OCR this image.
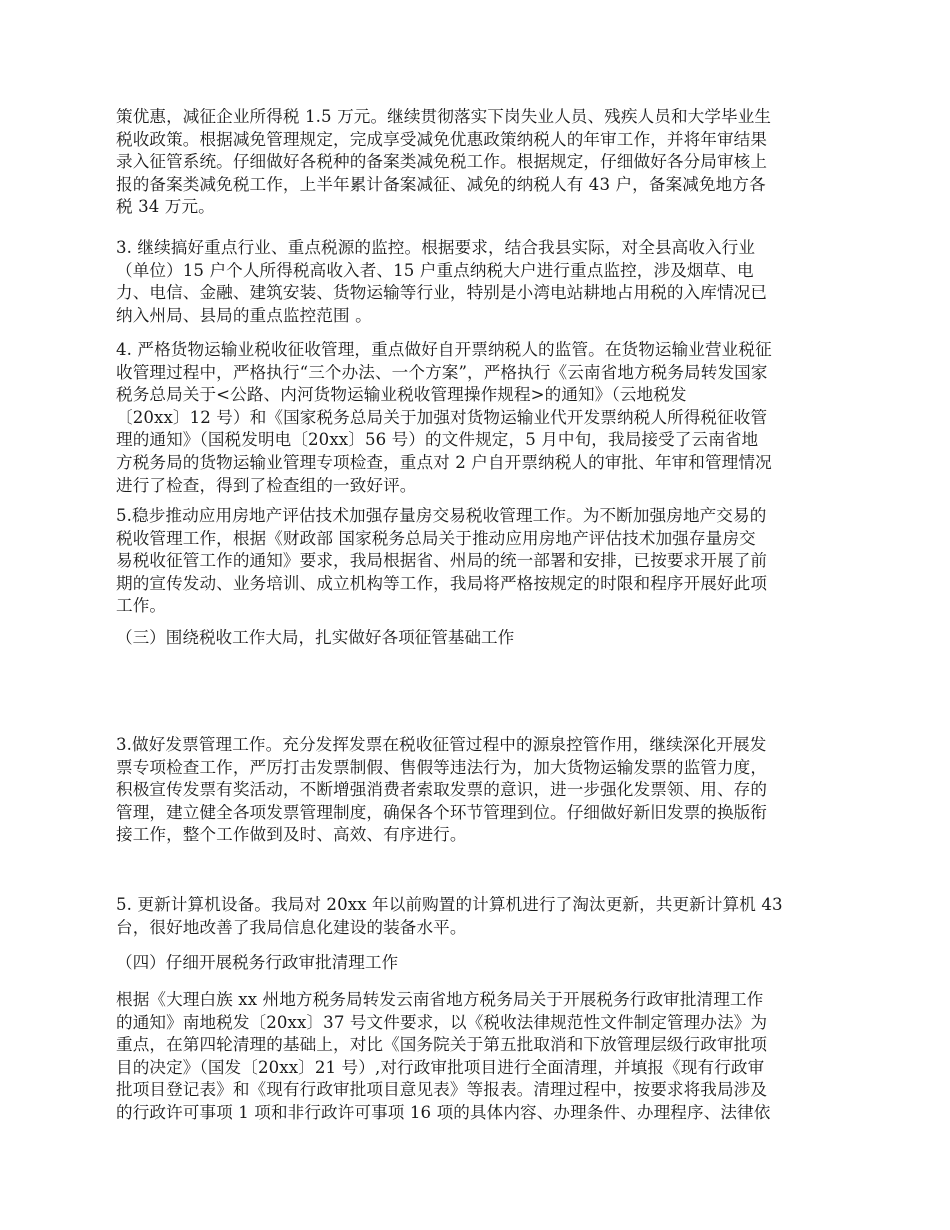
策优惠，减征企业所得税 1.5 万元。继续贯彻落实下岗失业人员、残疾人员和大学毕业生
税收政策。根据减免管理规定，完成享受减免优惠政策纳税人的年审工作，并将年审结果
录入征管系统。仔细做好各税种的备案类减免税工作。根据规定，仔细做好各分局审核上
报的备案类减免税工作，上半年累计备案减征、减免的纳税人有 43 户，备案减免地方各
税 34 万元。

3. 继续搞好重点行业、重点税源的监控。根据要求，结合我县实际，对全县高收入行业
（单位）15 户个人所得税高收入者、15 户重点纳税大户进行重点监控，涉及烟草、电
力、电信、金融、建筑安装、货物运输等行业，特别是小湾电站耕地占用税的入库情况已
纳入州局、县局的重点监控范围 。

4. 严格货物运输业税收征收管理，重点做好自开票纳税人的监管。在货物运输业营业税征
收管理过程中，严格执行“三个办法、一个方案”，严格执行《云南省地方税务局转发国家
税务总局关于<公路、内河货物运输业税收管理操作规程>的通知》（云地税发
〔20xx〕12 号）和《国家税务总局关于加强对货物运输业代开发票纳税人所得税征收管
理的通知》（国税发明电〔20xx〕56 号）的文件规定，5 月中旬，我局接受了云南省地
方税务局的货物运输业管理专项检查，重点对 2 户自开票纳税人的审批、年审和管理情况
进行了检查，得到了检查组的一致好评。

5.稳步推动应用房地产评估技术加强存量房交易税收管理工作。为不断加强房地产交易的
税收管理工作，根据《财政部 国家税务总局关于推动应用房地产评估技术加强存量房交
易税收征管工作的通知》要求，我局根据省、州局的统一部署和安排，已按要求开展了前
期的宣传发动、业务培训、成立机构等工作，我局将严格按规定的时限和程序开展好此项
工作。

（三）围绕税收工作大局，扎实做好各项征管基础工作

3.做好发票管理工作。充分发挥发票在税收征管过程中的源泉控管作用，继续深化开展发
票专项检查工作，严厉打击发票制假、售假等违法行为，加大货物运输发票的监管力度，
积极宣传发票有奖活动，不断增强消费者索取发票的意识，进一步强化发票领、用、存的
管理，建立健全各项发票管理制度，确保各个环节管理到位。仔细做好新旧发票的换版衔
接工作，整个工作做到及时、高效、有序进行。

5. 更新计算机设备。我局对 20xx 年以前购置的计算机进行了淘汰更新，共更新计算机 43
台，很好地改善了我局信息化建设的装备水平。

（四）仔细开展税务行政审批清理工作

根据《大理白族 xx 州地方税务局转发云南省地方税务局关于开展税务行政审批清理工作
的通知》南地税发〔20xx〕37 号文件要求，以《税收法律规范性文件制定管理办法》为
重点，在第四轮清理的基础上，对比《国务院关于第五批取消和下放管理层级行政审批项
目的决定》（国发〔20xx〕21 号）,对行政审批项目进行全面清理，并填报《现有行政审
批项目登记表》和《现有行政审批项目意见表》等报表。清理过程中，按要求将我局涉及
的行政许可事项 1 项和非行政许可事项 16 项的具体内容、办理条件、办理程序、法律依
